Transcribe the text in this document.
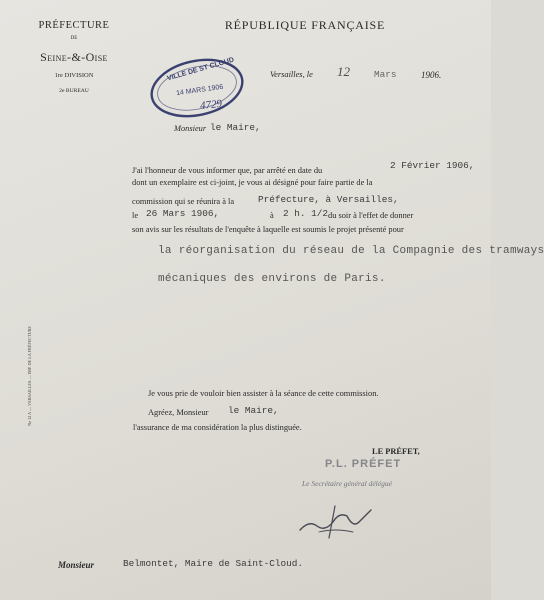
PRÉFECTURE
DE
Seine-&-Oise
1re DIVISION
2e BUREAU
RÉPUBLIQUE FRANÇAISE
Versailles, le 12	Mars	1906.
VILLE DE ST CLOUD
14 MARS 1906
4729
Monsieur le Maire,
J'ai l'honneur de vous informer que, par arrêté en date du	2 Février 1906,
dont un exemplaire est ci-joint, je vous ai désigné pour faire partie de la
commission qui se réunira à la	Préfecture, à Versailles,
le 26 Mars 1906,	à 2 h. 1/2 du soir à l'effet de donner
son avis sur les résultats de l'enquête à laquelle est soumis le projet présenté pour
la réorganisation du réseau de la Compagnie des tramways
mécaniques des environs de Paris.
Je vous prie de vouloir bien assister à la séance de cette commission.
Agréez, Monsieur le Maire,
l'assurance de ma considération la plus distinguée.
LE PRÉFET,
P.L. PRÉFET
Le Secrétaire général délégué
Monsieur	Belmontet, Maire de Saint-Cloud.
No 12 A — VERSAILLES — IMP. DE LA PRÉFECTURE
